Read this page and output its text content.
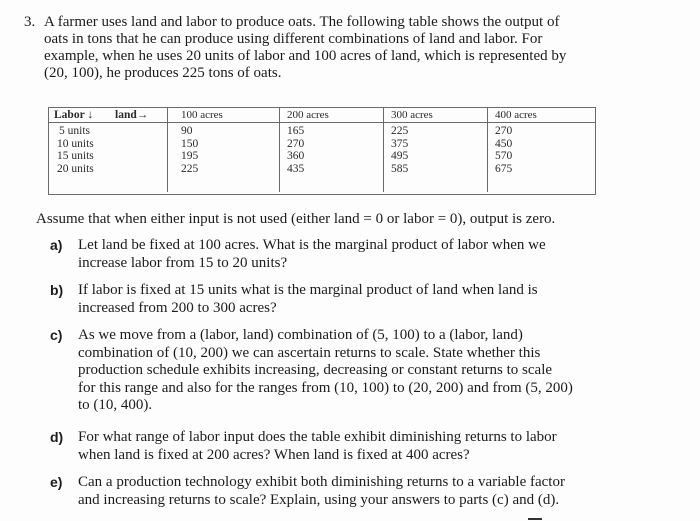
3. A farmer uses land and labor to produce oats. The following table shows the output of
oats in tons that he can produce using different combinations of land and labor. For
example, when he uses 20 units of labor and 100 acres of land, which is represented by
(20, 100), he produces 225 tons of oats.
Labor ↓ land→
5 units
10 units
15 units
20 units
100 acres
90
150
195
225
200 acres
165
270
360
435
300 acres
225
375
495
585
400 acres
270
450
570
675
Assume that when either input is not used (either land = 0 or labor = 0), output is zero.
a) Let land be fixed at 100 acres. What is the marginal product of labor when we
increase labor from 15 to 20 units?
b) If labor is fixed at 15 units what is the marginal product of land when land is
increased from 200 to 300 acres?
c) As we move from a (labor, land) combination of (5, 100) to a (labor, land)
combination of (10, 200) we can ascertain returns to scale. State whether this
production schedule exhibits increasing, decreasing or constant returns to scale
for this range and also for the ranges from (10, 100) to (20, 200) and from (5, 200)
to (10, 400).
d) For what range of labor input does the table exhibit diminishing returns to labor
when land is fixed at 200 acres? When land is fixed at 400 acres?
e) Can a production technology exhibit both diminishing returns to a variable factor
and increasing returns to scale? Explain, using your answers to parts (c) and (d).
